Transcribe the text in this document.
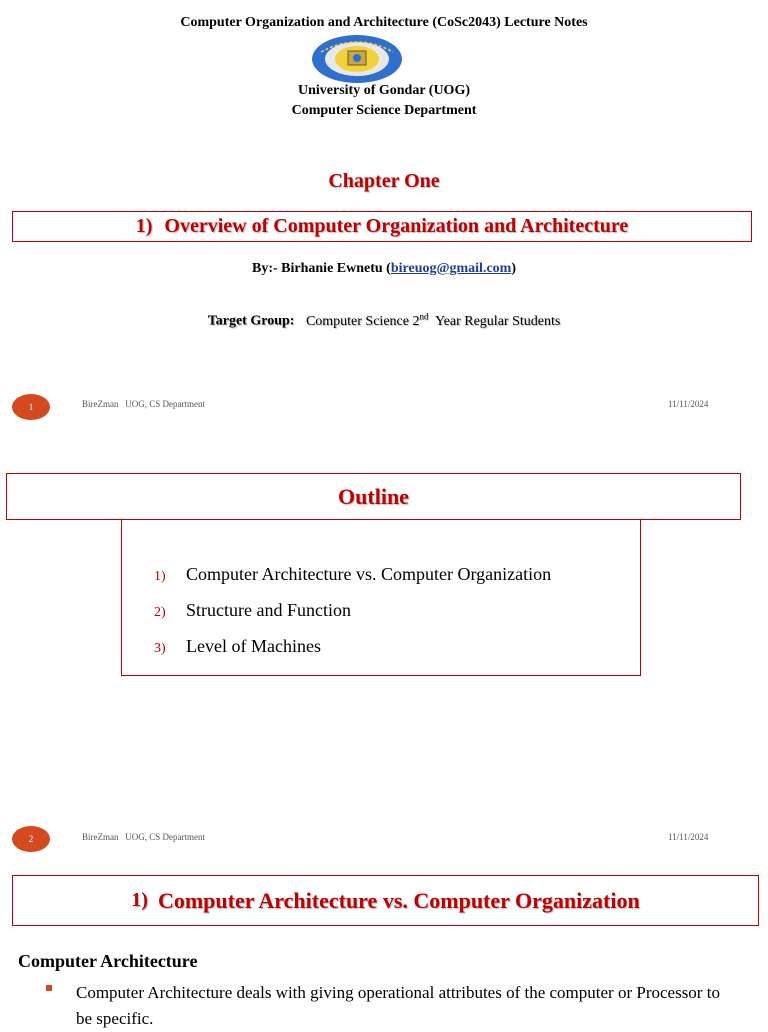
Computer Organization and Architecture (CoSc2043) Lecture Notes
University of Gondar (UOG)
Computer Science Department
Chapter One
1) Overview of Computer Organization and Architecture
By:- Birhanie Ewnetu (bireuog@gmail.com)
Target Group: Computer Science 2nd Year Regular Students
1	BireZman UOG, CS Department	11/11/2024
Outline
1) Computer Architecture vs. Computer Organization
2) Structure and Function
3) Level of Machines
2	BireZman UOG, CS Department	11/11/2024
1) Computer Architecture vs. Computer Organization
Computer Architecture
Computer Architecture deals with giving operational attributes of the computer or Processor to be specific.
